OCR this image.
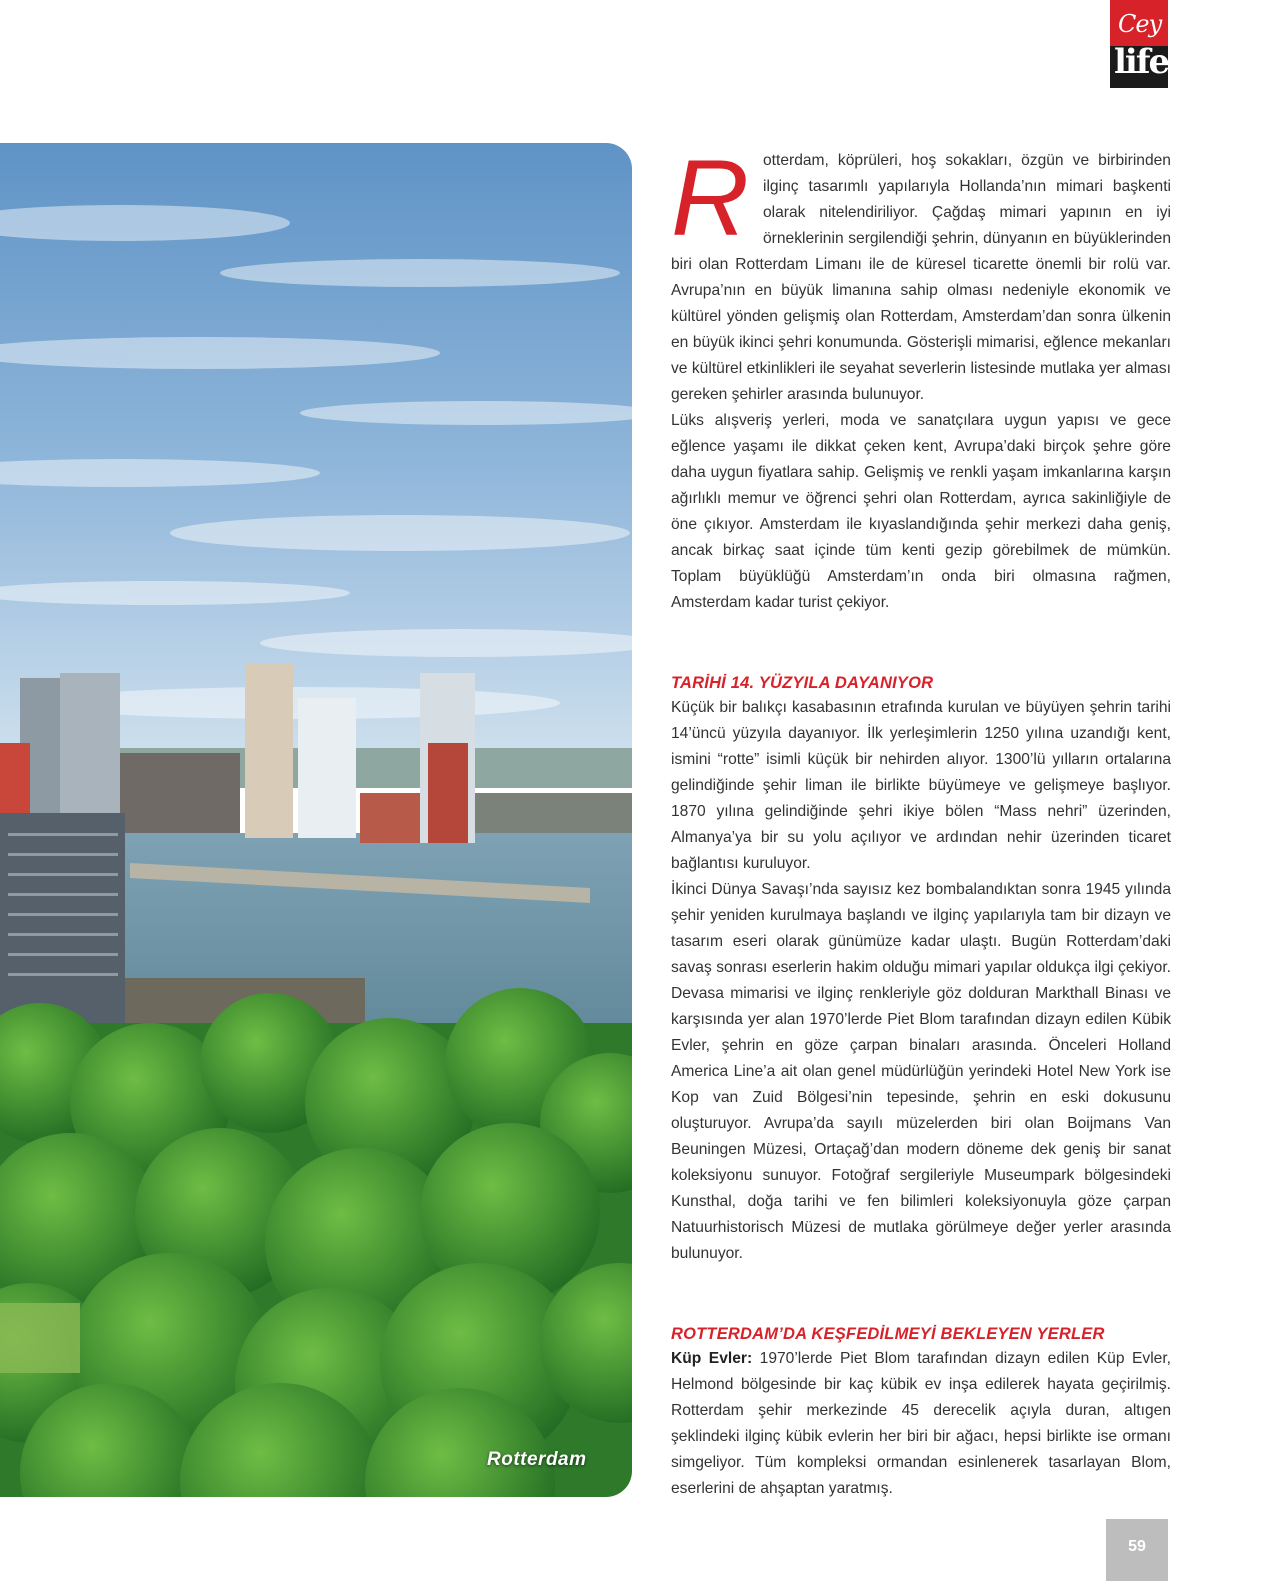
Cey
life
Rotterdam
R otterdam, köprüleri, hoş sokakları, özgün ve birbirinden ilginç tasarımlı yapılarıyla Hollanda’nın mimari başkenti olarak nitelendiriliyor. Çağdaş mimari yapının en iyi örneklerinin sergilendiği şehrin, dünyanın en büyüklerinden biri olan Rotterdam Limanı ile de küresel ticarette önemli bir rolü var. Avrupa’nın en büyük limanına sahip olması nedeniyle ekonomik ve kültürel yönden gelişmiş olan Rotterdam, Amsterdam’dan sonra ülkenin en büyük ikinci şehri konumunda. Gösterişli mimarisi, eğlence mekanları ve kültürel etkinlikleri ile seyahat severlerin listesinde mutlaka yer alması gereken şehirler arasında bulunuyor.

Lüks alışveriş yerleri, moda ve sanatçılara uygun yapısı ve gece eğlence yaşamı ile dikkat çeken kent, Avrupa’daki birçok şehre göre daha uygun fiyatlara sahip. Gelişmiş ve renkli yaşam imkanlarına karşın ağırlıklı memur ve öğrenci şehri olan Rotterdam, ayrıca sakinliğiyle de öne çıkıyor. Amsterdam ile kıyaslandığında şehir merkezi daha geniş, ancak birkaç saat içinde tüm kenti gezip görebilmek de mümkün. Toplam büyüklüğü Amsterdam’ın onda biri olmasına rağmen, Amsterdam kadar turist çekiyor.

TARİHİ 14. YÜZYILA DAYANIYOR

Küçük bir balıkçı kasabasının etrafında kurulan ve büyüyen şehrin tarihi 14’üncü yüzyıla dayanıyor. İlk yerleşimlerin 1250 yılına uzandığı kent, ismini “rotte” isimli küçük bir nehirden alıyor. 1300’lü yılların ortalarına gelindiğinde şehir liman ile birlikte büyümeye ve gelişmeye başlıyor. 1870 yılına gelindiğinde şehri ikiye bölen “Mass nehri” üzerinden, Almanya’ya bir su yolu açılıyor ve ardından nehir üzerinden ticaret bağlantısı kuruluyor.

İkinci Dünya Savaşı’nda sayısız kez bombalandıktan sonra 1945 yılında şehir yeniden kurulmaya başlandı ve ilginç yapılarıyla tam bir dizayn ve tasarım eseri olarak günümüze kadar ulaştı. Bugün Rotterdam’daki savaş sonrası eserlerin hakim olduğu mimari yapılar oldukça ilgi çekiyor. Devasa mimarisi ve ilginç renkleriyle göz dolduran Markthall Binası ve karşısında yer alan 1970’lerde Piet Blom tarafından dizayn edilen Kübik Evler, şehrin en göze çarpan binaları arasında. Önceleri Holland America Line’a ait olan genel müdürlüğün yerindeki Hotel New York ise Kop van Zuid Bölgesi’nin tepesinde, şehrin en eski dokusunu oluşturuyor. Avrupa’da sayılı müzelerden biri olan Boijmans Van Beuningen Müzesi, Ortaçağ’dan modern döneme dek geniş bir sanat koleksiyonu sunuyor. Fotoğraf sergileriyle Museumpark bölgesindeki Kunsthal, doğa tarihi ve fen bilimleri koleksiyonuyla göze çarpan Natuurhistorisch Müzesi de mutlaka görülmeye değer yerler arasında bulunuyor.

ROTTERDAM’DA KEŞFEDİLMEYİ BEKLEYEN YERLER

Küp Evler: 1970’lerde Piet Blom tarafından dizayn edilen Küp Evler, Helmond bölgesinde bir kaç kübik ev inşa edilerek hayata geçirilmiş. Rotterdam şehir merkezinde 45 derecelik açıyla duran, altıgen şeklindeki ilginç kübik evlerin her biri bir ağacı, hepsi birlikte ise ormanı simgeliyor. Tüm kompleksi ormandan esinlenerek tasarlayan Blom, eserlerini de ahşaptan yaratmış.

59
